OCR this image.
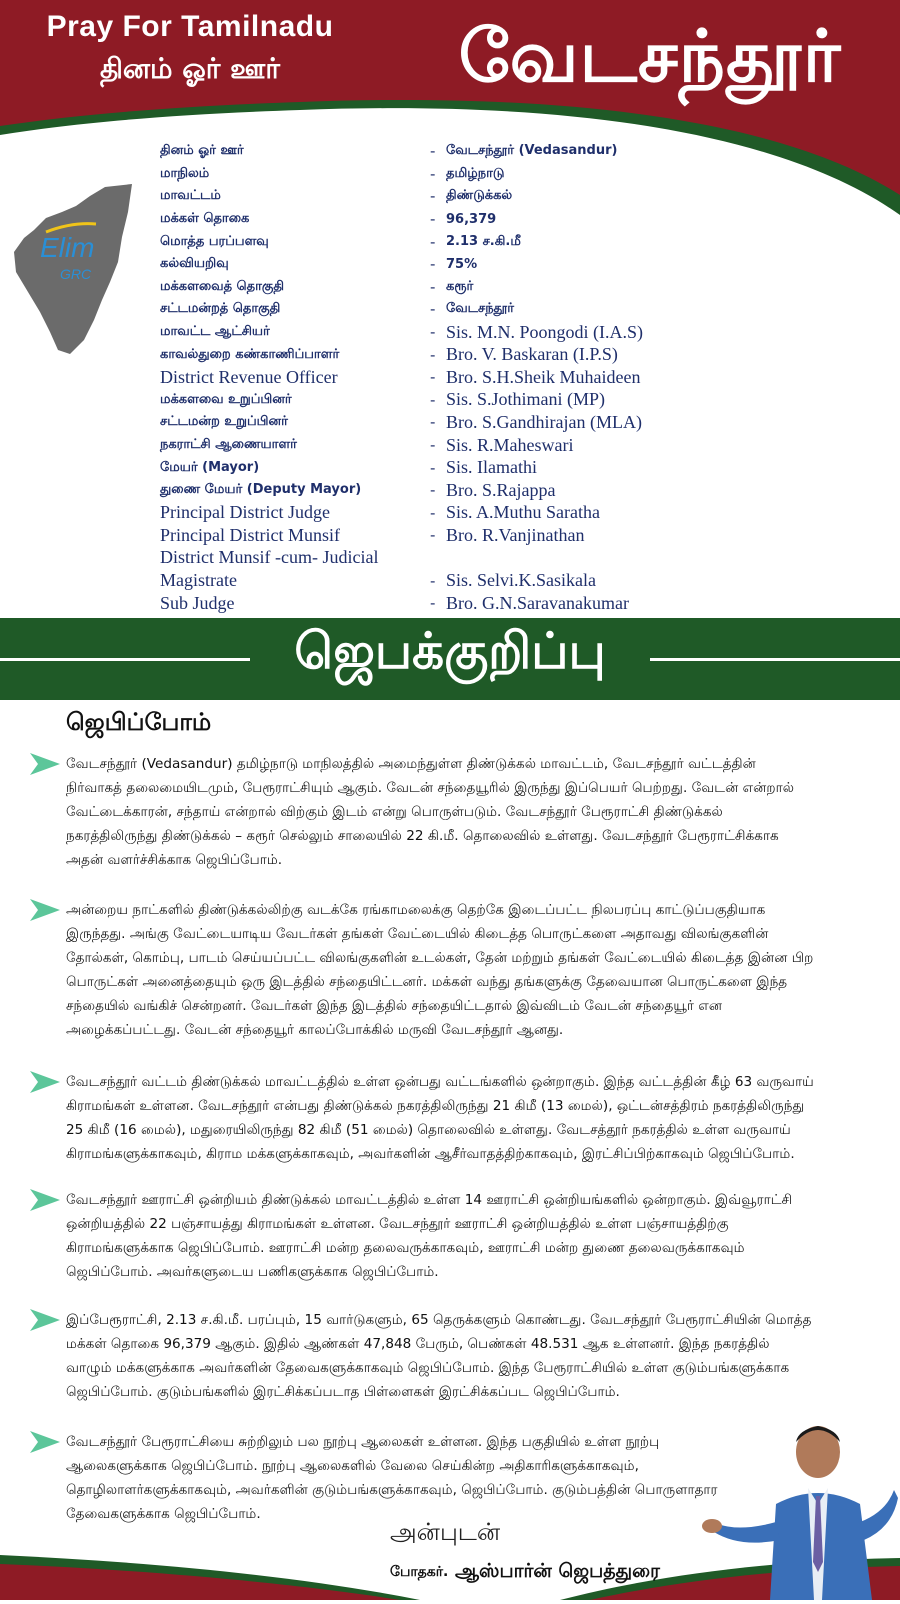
Pray For Tamilnadu
தினம் ஓர் ஊர்	வேடசந்தூர்
Elim
GRC
தினம் ஓர் ஊர்	- வேடசந்தூர் (Vedasandur)
மாநிலம்	- தமிழ்நாடு
மாவட்டம்	- திண்டுக்கல்
மக்கள் தொகை	- 96,379
மொத்த பரப்பளவு	- 2.13 ச.கி.மீ
கல்வியறிவு	- 75%
மக்களவைத் தொகுதி	- கரூர்
சட்டமன்றத் தொகுதி	- வேடசந்தூர்
மாவட்ட ஆட்சியர்	- Sis. M.N. Poongodi (I.A.S)
காவல்துறை கண்காணிப்பாளர்	- Bro. V. Baskaran (I.P.S)
District Revenue Officer	- Bro. S.H.Sheik Muhaideen
மக்களவை உறுப்பினர்	- Sis. S.Jothimani (MP)
சட்டமன்ற உறுப்பினர்	- Bro. S.Gandhirajan (MLA)
நகராட்சி ஆணையாளர்	- Sis. R.Maheswari
மேயர் (Mayor)	- Sis. Ilamathi
துணை மேயர் (Deputy Mayor)	- Bro. S.Rajappa
Principal District Judge	- Sis. A.Muthu Saratha
Principal District Munsif	- Bro. R.Vanjinathan
District Munsif -cum- Judicial
Magistrate	- Sis. Selvi.K.Sasikala
Sub Judge	- Bro. G.N.Saravanakumar
ஜெபக்குறிப்பு
ஜெபிப்போம்
வேடசந்தூர் (Vedasandur) தமிழ்நாடு மாநிலத்தில் அமைந்துள்ள திண்டுக்கல் மாவட்டம், வேடசந்தூர் வட்டத்தின்
நிர்வாகத் தலைமையிடமும், பேரூராட்சியும் ஆகும். வேடன் சந்தையூரில் இருந்து இப்பெயர் பெற்றது. வேடன் என்றால்
வேட்டைக்காரன், சந்தாய் என்றால் விற்கும் இடம் என்று பொருள்படும். வேடசந்தூர் பேரூராட்சி திண்டுக்கல்
நகரத்திலிருந்து திண்டுக்கல் – கரூர் செல்லும் சாலையில் 22 கி.மீ. தொலைவில் உள்ளது. வேடசந்தூர் பேரூராட்சிக்காக
அதன் வளர்ச்சிக்காக ஜெபிப்போம்.
அன்றைய நாட்களில் திண்டுக்கல்லிற்கு வடக்கே ரங்காமலைக்கு தெற்கே இடைப்பட்ட நிலபரப்பு காட்டுப்பகுதியாக
இருந்தது. அங்கு வேட்டையாடிய வேடர்கள் தங்கள் வேட்டையில் கிடைத்த பொருட்களை அதாவது விலங்குகளின்
தோல்கள், கொம்பு, பாடம் செய்யப்பட்ட விலங்குகளின் உடல்கள், தேன் மற்றும் தங்கள் வேட்டையில் கிடைத்த இன்ன பிற
பொருட்கள் அனைத்தையும் ஒரு இடத்தில் சந்தையிட்டனர். மக்கள் வந்து தங்களுக்கு தேவையான பொருட்களை இந்த
சந்தையில் வங்கிச் சென்றனர். வேடர்கள் இந்த இடத்தில் சந்தையிட்டதால் இவ்விடம் வேடன் சந்தையூர் என
அழைக்கப்பட்டது. வேடன் சந்தையூர் காலப்போக்கில் மருவி வேடசந்தூர் ஆனது.
வேடசந்தூர் வட்டம் திண்டுக்கல் மாவட்டத்தில் உள்ள ஒன்பது வட்டங்களில் ஒன்றாகும். இந்த வட்டத்தின் கீழ் 63 வருவாய்
கிராமங்கள் உள்ளன. வேடசந்தூர் என்பது திண்டுக்கல் நகரத்திலிருந்து 21 கிமீ (13 மைல்), ஒட்டன்சத்திரம் நகரத்திலிருந்து
25 கிமீ (16 மைல்), மதுரையிலிருந்து 82 கிமீ (51 மைல்) தொலைவில் உள்ளது. வேடசத்தூர் நகரத்தில் உள்ள வருவாய்
கிராமங்களுக்காகவும், கிராம மக்களுக்காகவும், அவர்களின் ஆசீர்வாதத்திற்காகவும், இரட்சிப்பிற்காகவும் ஜெபிப்போம்.
வேடசந்தூர் ஊராட்சி ஒன்றியம் திண்டுக்கல் மாவட்டத்தில் உள்ள 14 ஊராட்சி ஒன்றியங்களில் ஒன்றாகும். இவ்வூராட்சி
ஒன்றியத்தில் 22 பஞ்சாயத்து கிராமங்கள் உள்ளன. வேடசந்தூர் ஊராட்சி ஒன்றியத்தில் உள்ள பஞ்சாயத்திற்கு
கிராமங்களுக்காக ஜெபிப்போம். ஊராட்சி மன்ற தலைவருக்காகவும், ஊராட்சி மன்ற துணை தலைவருக்காகவும்
ஜெபிப்போம். அவர்களுடைய பணிகளுக்காக ஜெபிப்போம்.
இப்பேரூராட்சி, 2.13 ச.கி.மீ. பரப்பும், 15 வார்டுகளும், 65 தெருக்களும் கொண்டது. வேடசந்தூர் பேரூராட்சியின் மொத்த
மக்கள் தொகை 96,379 ஆகும். இதில் ஆண்கள் 47,848 பேரும், பெண்கள் 48.531 ஆக உள்ளனர். இந்த நகரத்தில்
வாழும் மக்களுக்காக அவர்களின் தேவைகளுக்காகவும் ஜெபிப்போம். இந்த பேரூராட்சியில் உள்ள குடும்பங்களுக்காக
ஜெபிப்போம். குடும்பங்களில் இரட்சிக்கப்படாத பிள்ளைகள் இரட்சிக்கப்பட ஜெபிப்போம்.
வேடசந்தூர் பேரூராட்சியை சுற்றிலும் பல நூற்பு ஆலைகள் உள்ளன. இந்த பகுதியில் உள்ள நூற்பு
ஆலைகளுக்காக ஜெபிப்போம். நூற்பு ஆலைகளில் வேலை செய்கின்ற அதிகாரிகளுக்காகவும்,
தொழிலாளர்களுக்காகவும், அவர்களின் குடும்பங்களுக்காகவும், ஜெபிப்போம். குடும்பத்தின் பொருளாதார
தேவைகளுக்காக ஜெபிப்போம்.
அன்புடன்
போதகர். ஆஸ்பார்ன் ஜெபத்துரை
